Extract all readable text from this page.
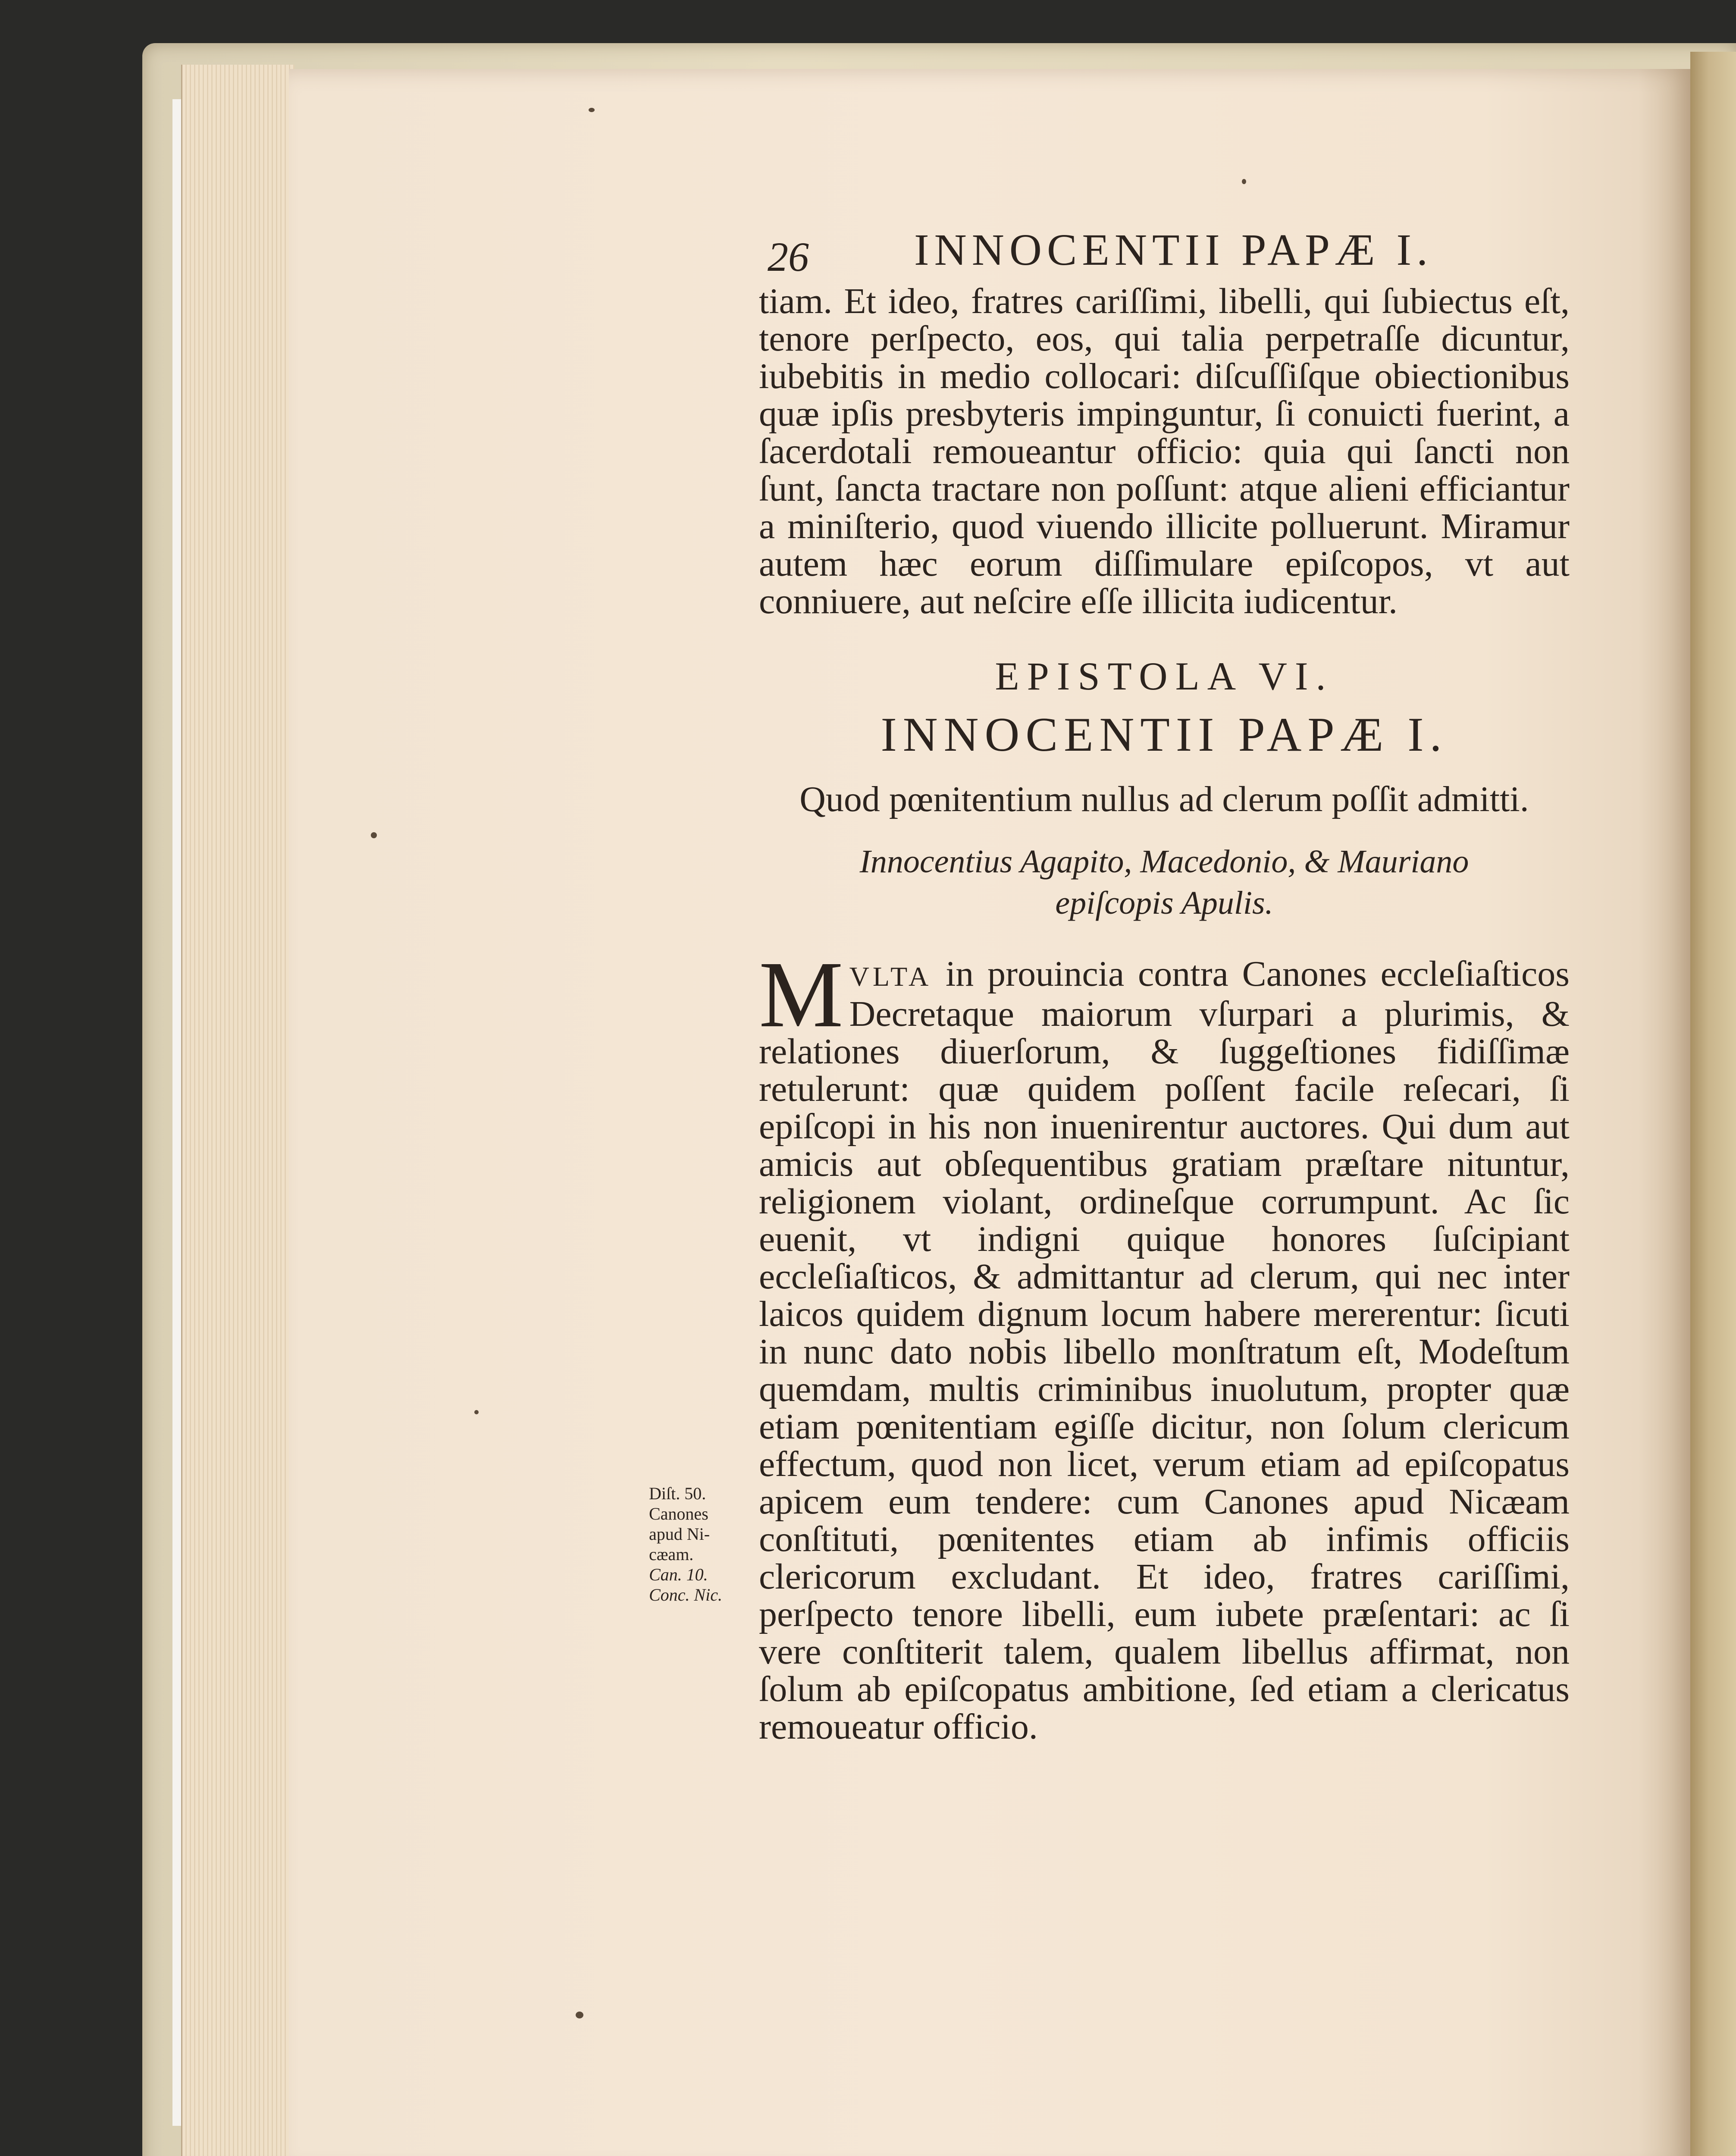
26 INNOCENTII PAPÆ I.

tiam. Et ideo, fratres cariſſimi, libelli, qui ſubiectus eſt, tenore perſpecto, eos, qui talia perpetraſſe dicuntur, iubebitis in medio collocari: diſcuſſiſque obiectionibus quæ ipſis presbyteris impinguntur, ſi conuicti fuerint, a ſacerdotali remoueantur officio: quia qui ſancti non ſunt, ſancta tractare non poſſunt: atque alieni efficiantur a miniſterio, quod viuendo illicite polluerunt. Miramur autem hæc eorum diſſimulare epiſcopos, vt aut conniuere, aut neſcire eſſe illicita iudicentur.

EPISTOLA VI.
INNOCENTII PAPÆ I.
Quod pœnitentium nullus ad clerum poſſit admitti.
Innocentius Agapito, Macedonio, & Mauriano
epiſcopis Apulis.

MVLTA in prouincia contra Canones eccleſiaſticos Decretaque maiorum vſurpari a plurimis, & relationes diuerſorum, & ſuggeſtiones fidiſſimæ retulerunt: quæ quidem poſſent facile reſecari, ſi epiſcopi in his non inuenirentur auctores. Qui dum aut amicis aut obſequentibus gratiam præſtare nituntur, religionem violant, ordineſque corrumpunt. Ac ſic euenit, vt indigni quique honores ſuſcipiant eccleſiaſticos, & admittantur ad clerum, qui nec inter laicos quidem dignum locum habere mererentur: ſicuti in nunc dato nobis libello monſtratum eſt, Modeſtum quemdam, multis criminibus inuolutum, propter quæ etiam pœnitentiam egiſſe dicitur, non ſolum clericum effectum, quod non licet, verum etiam ad epiſcopatus apicem eum tendere: cum Canones apud Nicæam conſtituti, pœnitentes etiam ab infimis officiis clericorum excludant. Et ideo, fratres cariſſimi, perſpecto tenore libelli, eum iubete præſentari: ac ſi vere conſtiterit talem, qualem libellus affirmat, non ſolum ab epiſcopatus ambitione, ſed etiam a clericatus remoueatur officio.

Diſt. 50.
Canones
apud Ni-
cæam.
Can. 10.
Conc. Nic.
